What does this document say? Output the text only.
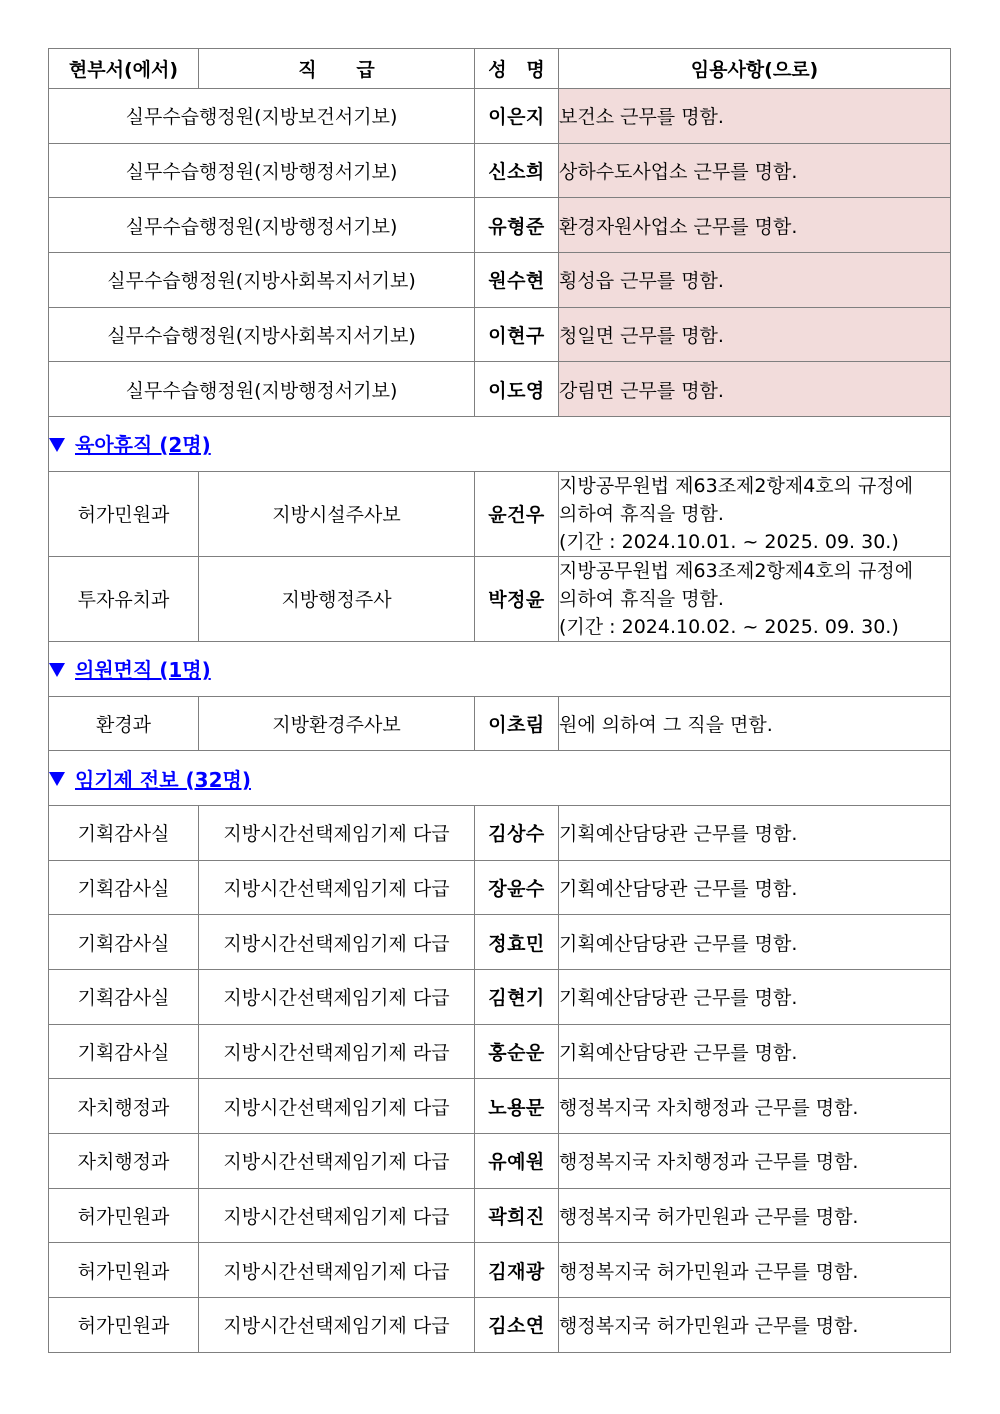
현부서(에서)	직      급	성   명	임용사항(으로)
실무수습행정원(지방보건서기보)		이은지	보건소 근무를 명함.
실무수습행정원(지방행정서기보)		신소희	상하수도사업소 근무를 명함.
실무수습행정원(지방행정서기보)		유형준	환경자원사업소 근무를 명함.
실무수습행정원(지방사회복지서기보)		원수현	횡성읍 근무를 명함.
실무수습행정원(지방사회복지서기보)		이현구	청일면 근무를 명함.
실무수습행정원(지방행정서기보)		이도영	강림면 근무를 명함.
육아휴직 (2명)			
허가민원과	지방시설주사보	윤건우	지방공무원법 제63조제2항제4호의 규정에
의하여 휴직을 명함.
(기간 : 2024.10.01. ~ 2025. 09. 30.)

투자유치과	지방행정주사	박정윤	지방공무원법 제63조제2항제4호의 규정에
의하여 휴직을 명함.
(기간 : 2024.10.02. ~ 2025. 09. 30.)

의원면직 (1명)			
환경과	지방환경주사보	이초림	원에 의하여 그 직을 면함.
임기제 전보 (32명)			
기획감사실	지방시간선택제임기제 다급	김상수	기획예산담당관 근무를 명함.
기획감사실	지방시간선택제임기제 다급	장윤수	기획예산담당관 근무를 명함.
기획감사실	지방시간선택제임기제 다급	정효민	기획예산담당관 근무를 명함.
기획감사실	지방시간선택제임기제 다급	김현기	기획예산담당관 근무를 명함.
기획감사실	지방시간선택제임기제 라급	홍순운	기획예산담당관 근무를 명함.
자치행정과	지방시간선택제임기제 다급	노용문	행정복지국 자치행정과 근무를 명함.
자치행정과	지방시간선택제임기제 다급	유예원	행정복지국 자치행정과 근무를 명함.
허가민원과	지방시간선택제임기제 다급	곽희진	행정복지국 허가민원과 근무를 명함.
허가민원과	지방시간선택제임기제 다급	김재광	행정복지국 허가민원과 근무를 명함.
허가민원과	지방시간선택제임기제 다급	김소연	행정복지국 허가민원과 근무를 명함.
